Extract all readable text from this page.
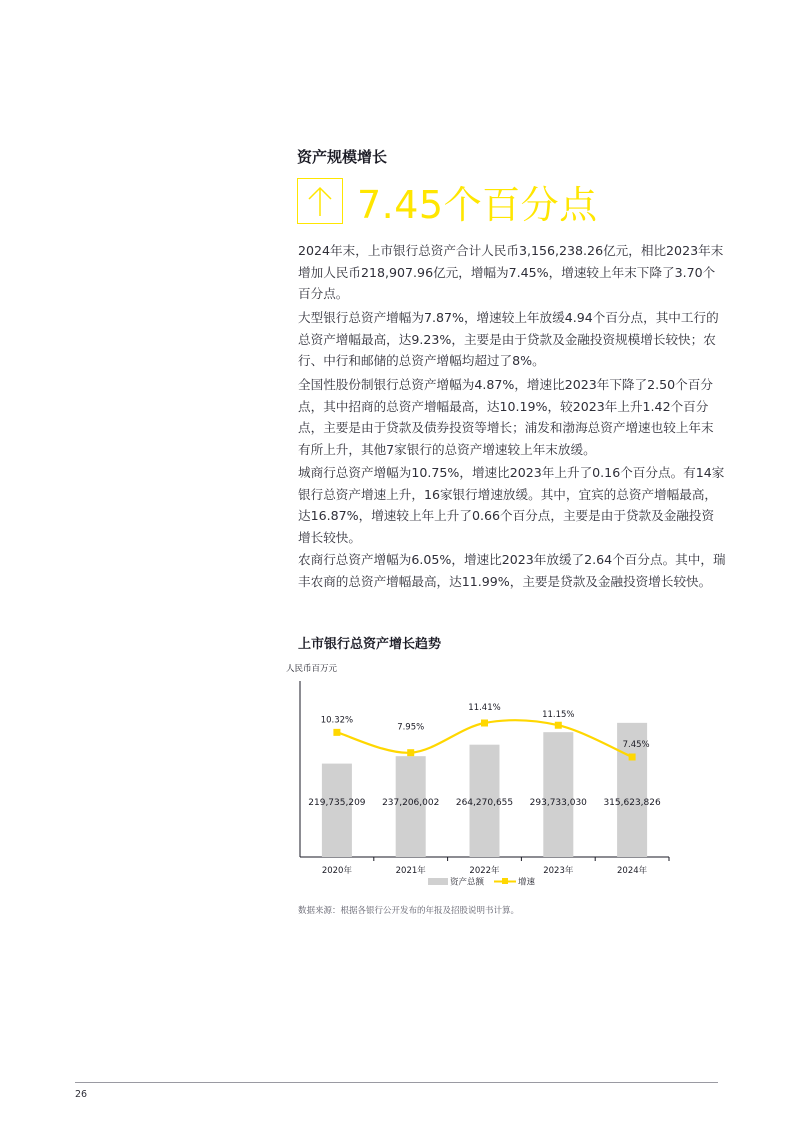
资产规模增长
7.45个百分点

2024年末，上市银行总资产合计人民币3,156,238.26亿元，相比2023年末增加人民币218,907.96亿元，增幅为7.45%，增速较上年末下降了3.70个百分点。

大型银行总资产增幅为7.87%，增速较上年放缓4.94个百分点，其中工行的总资产增幅最高，达9.23%，主要是由于贷款及金融投资规模增长较快；农行、中行和邮储的总资产增幅均超过了8%。

全国性股份制银行总资产增幅为4.87%，增速比2023年下降了2.50个百分点，其中招商的总资产增幅最高，达10.19%，较2023年上升1.42个百分点，主要是由于贷款及债券投资等增长；浦发和渤海总资产增速也较上年末有所上升，其他7家银行的总资产增速较上年末放缓。

城商行总资产增幅为10.75%，增速比2023年上升了0.16个百分点。有14家银行总资产增速上升，16家银行增速放缓。其中，宜宾的总资产增幅最高，达16.87%，增速较上年上升了0.66个百分点，主要是由于贷款及金融投资增长较快。

农商行总资产增幅为6.05%，增速比2023年放缓了2.64个百分点。其中，瑞丰农商的总资产增幅最高，达11.99%，主要是贷款及金融投资增长较快。

上市银行总资产增长趋势
人民币百万元
219,735,209
2020年
237,206,002
2021年
264,270,655
2022年
293,733,030
2023年
315,623,826
2024年
10.32%
7.95%
11.41%
11.15%
7.45%
资产总额	增速
数据来源：根据各银行公开发布的年报及招股说明书计算。
26
